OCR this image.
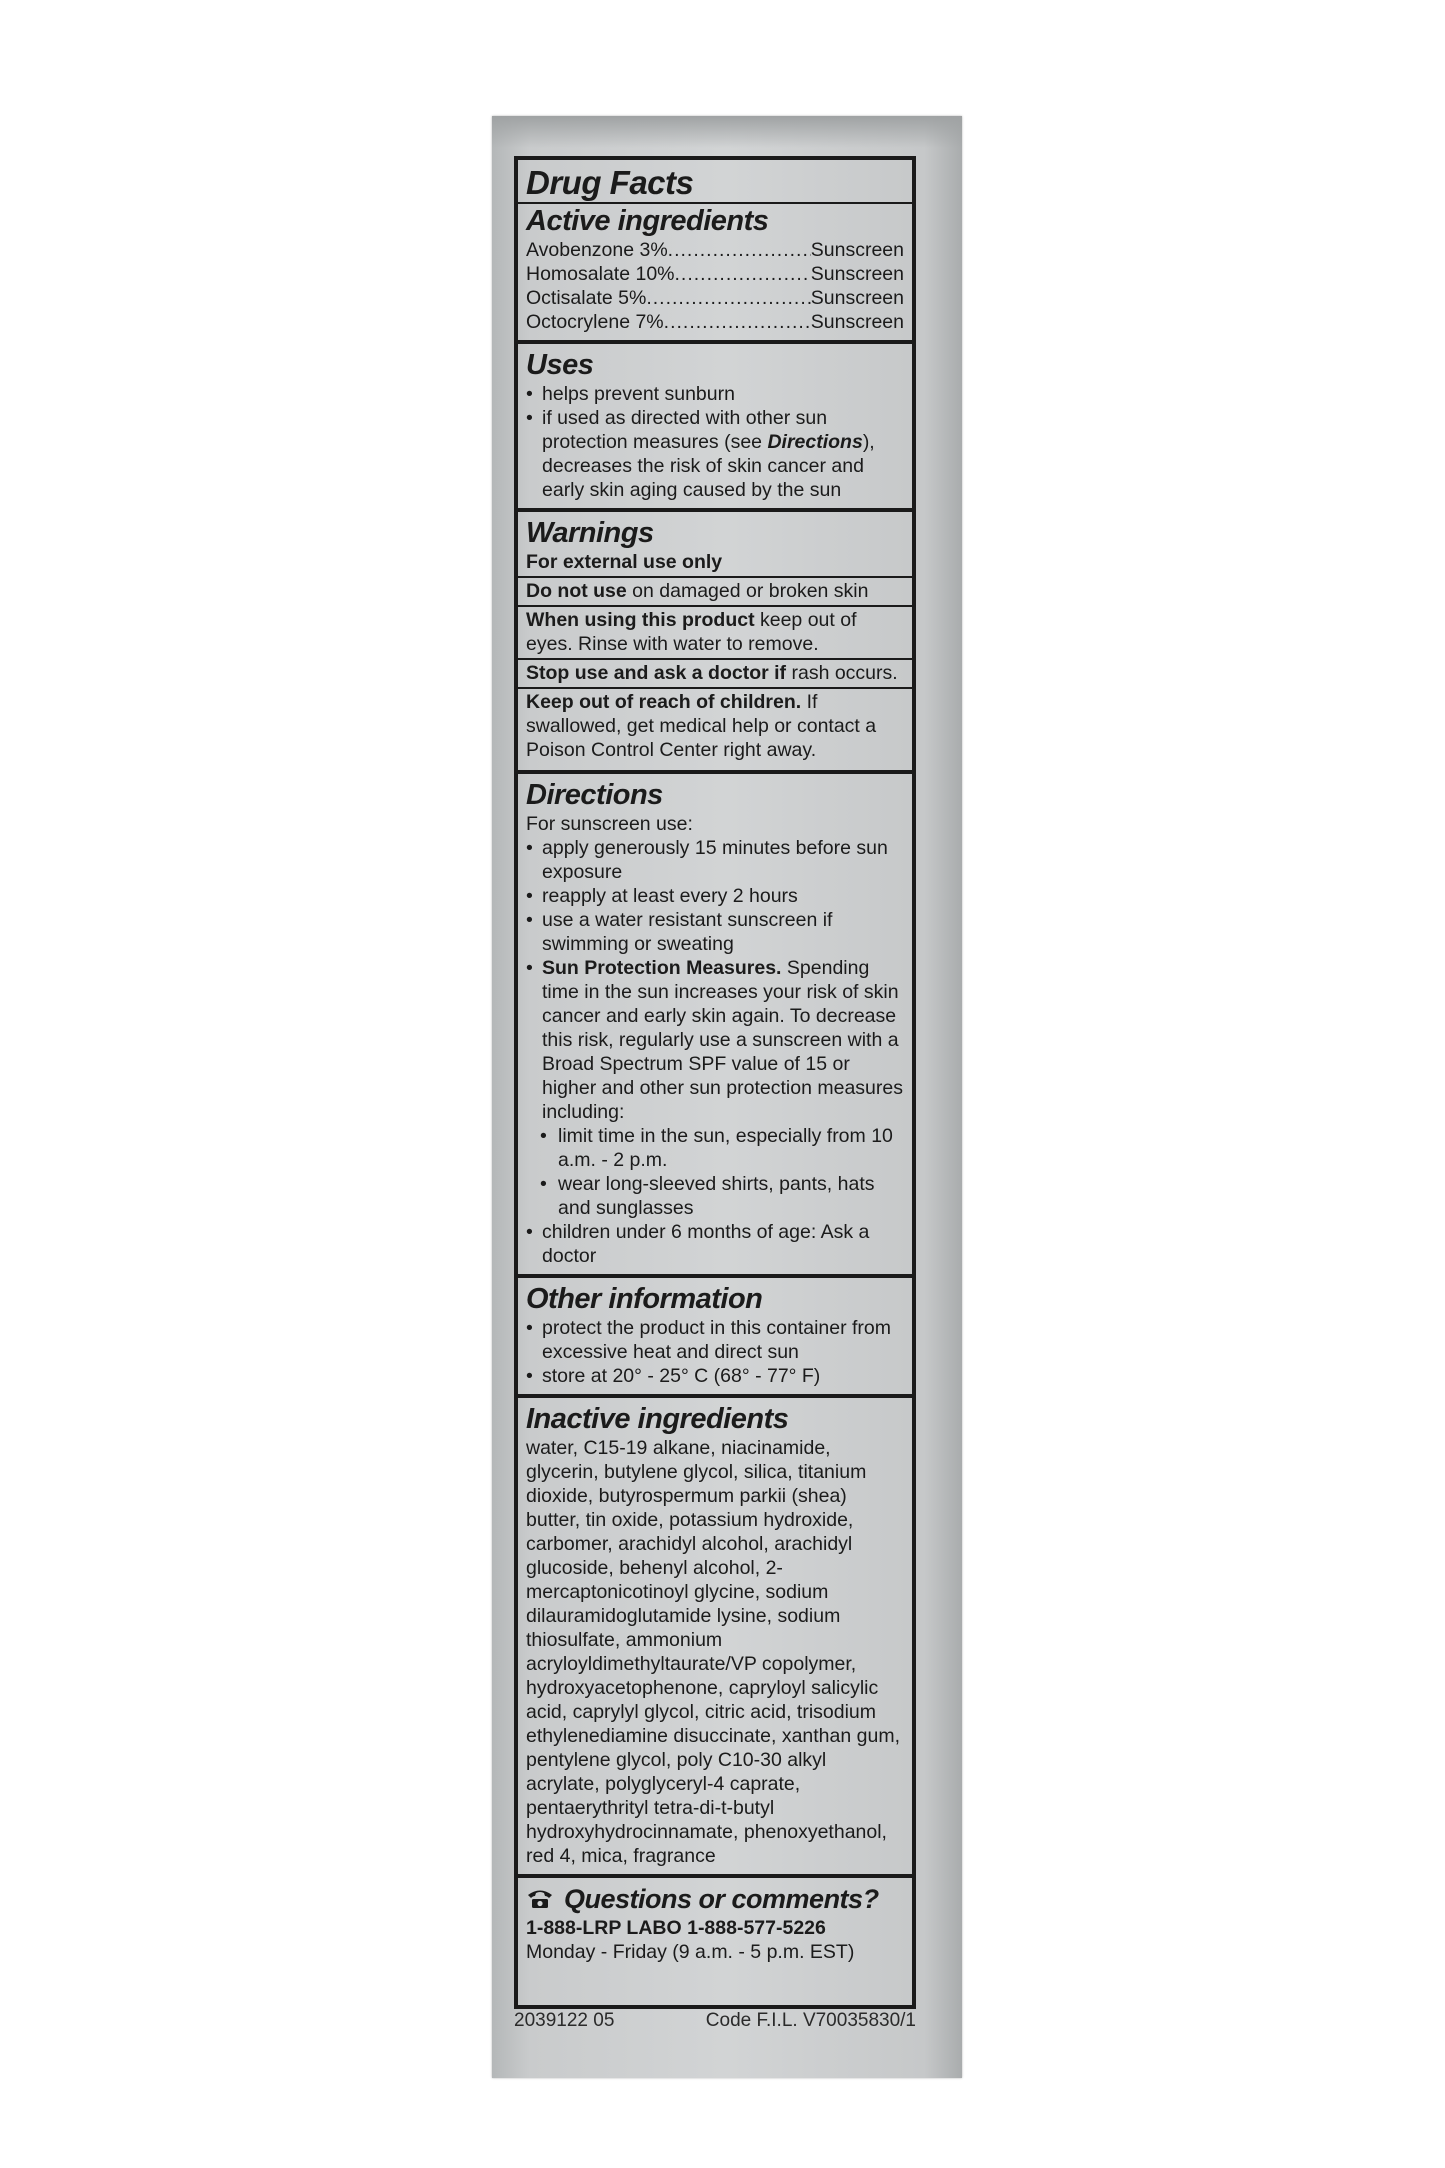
Drug Facts
Active ingredients
Avobenzone 3% .....	Sunscreen
Homosalate 10% .....	Sunscreen
Octisalate 5% .....	Sunscreen
Octocrylene 7% .....	Sunscreen
Uses
• helps prevent sunburn
• if used as directed with other sun protection measures (see Directions), decreases the risk of skin cancer and early skin aging caused by the sun
Warnings
For external use only
Do not use on damaged or broken skin
When using this product keep out of eyes. Rinse with water to remove.
Stop use and ask a doctor if rash occurs.
Keep out of reach of children. If swallowed, get medical help or contact a Poison Control Center right away.
Directions
For sunscreen use:
• apply generously 15 minutes before sun exposure
• reapply at least every 2 hours
• use a water resistant sunscreen if swimming or sweating
• Sun Protection Measures. Spending time in the sun increases your risk of skin cancer and early skin again. To decrease this risk, regularly use a sunscreen with a Broad Spectrum SPF value of 15 or higher and other sun protection measures including:
• limit time in the sun, especially from 10 a.m. - 2 p.m.
• wear long-sleeved shirts, pants, hats and sunglasses
• children under 6 months of age: Ask a doctor
Other information
• protect the product in this container from excessive heat and direct sun
• store at 20° - 25° C (68° - 77° F)
Inactive ingredients
water, C15-19 alkane, niacinamide, glycerin, butylene glycol, silica, titanium dioxide, butyrospermum parkii (shea) butter, tin oxide, potassium hydroxide, carbomer, arachidyl alcohol, arachidyl glucoside, behenyl alcohol, 2-mercaptonicotinoyl glycine, sodium dilauramidoglutamide lysine, sodium thiosulfate, ammonium acryloyldimethyltaurate/VP copolymer, hydroxyacetophenone, capryloyl salicylic acid, caprylyl glycol, citric acid, trisodium ethylenediamine disuccinate, xanthan gum, pentylene glycol, poly C10-30 alkyl acrylate, polyglyceryl-4 caprate, pentaerythrityl tetra-di-t-butyl hydroxyhydrocinnamate, phenoxyethanol, red 4, mica, fragrance
Questions or comments?
1-888-LRP LABO 1-888-577-5226
Monday - Friday (9 a.m. - 5 p.m. EST)
2039122 05	Code F.I.L. V70035830/1
